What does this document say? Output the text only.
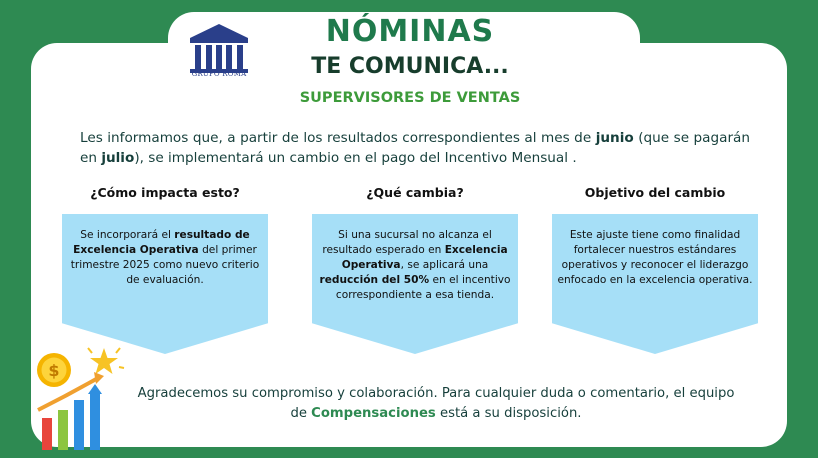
GRUPO ROMA
NÓMINAS
TE COMUNICA...
SUPERVISORES DE VENTAS
Les informamos que, a partir de los resultados correspondientes al mes de junio (que se pagarán en julio), se implementará un cambio en el pago del Incentivo Mensual .
¿Cómo impacta esto?
Se incorporará el resultado de Excelencia Operativa del primer trimestre 2025 como nuevo criterio de evaluación.
¿Qué cambia?
Si una sucursal no alcanza el resultado esperado en Excelencia Operativa, se aplicará una reducción del 50% en el incentivo correspondiente a esa tienda.
Objetivo del cambio
Este ajuste tiene como finalidad fortalecer nuestros estándares operativos y reconocer el liderazgo enfocado en la excelencia operativa.
$
Agradecemos su compromiso y colaboración. Para cualquier duda o comentario, el equipo de Compensaciones está a su disposición.
